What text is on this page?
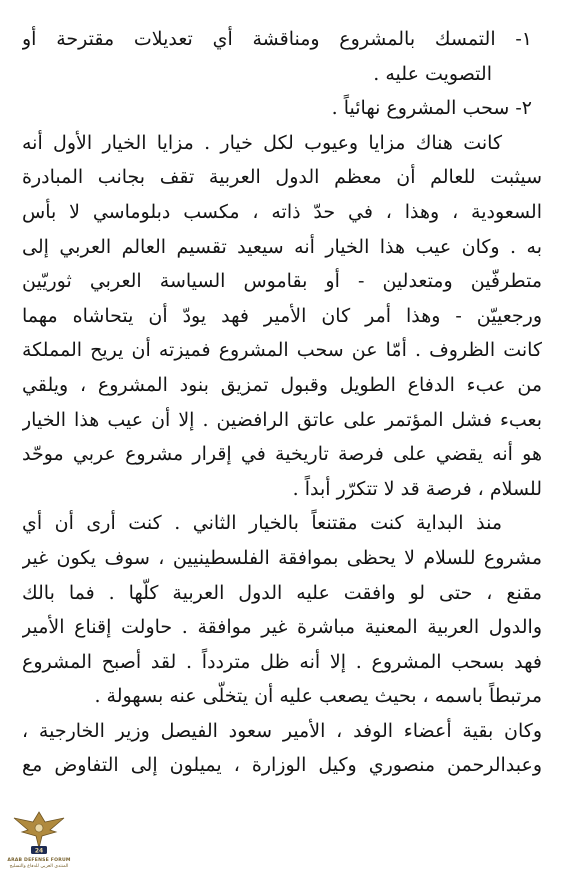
١- التمسك بالمشروع ومناقشة أي تعديلات مقترحة أو
التصويت عليه .
٢- سحب المشروع نهائياً .
كانت هناك مزايا وعيوب لكل خيار . مزايا الخيار الأول أنه
سيثبت للعالم أن معظم الدول العربية تقف بجانب المبادرة
السعودية ، وهذا ، في حدّ ذاته ، مكسب دبلوماسي لا بأس
به . وكان عيب هذا الخيار أنه سيعيد تقسيم العالم العربي إلى
متطرفّين ومتعدلين - أو بقاموس السياسة العربي ثوريّين
ورجعييّن - وهذا أمر كان الأمير فهد يودّ أن يتحاشاه مهما
كانت الظروف . أمّا عن سحب المشروع فميزته أن يريح المملكة
من عبء الدفاع الطويل وقبول تمزيق بنود المشروع ، ويلقي
بعبء فشل المؤتمر على عاتق الرافضين . إلا أن عيب هذا الخيار
هو أنه يقضي على فرصة تاريخية في إقرار مشروع عربي موحّد
للسلام ، فرصة قد لا تتكرّر أبداً .
منذ البداية كنت مقتنعاً بالخيار الثاني . كنت أرى أن أي
مشروع للسلام لا يحظى بموافقة الفلسطينيين ، سوف يكون غير
مقنع ، حتى لو وافقت عليه الدول العربية كلّها . فما بالك
والدول العربية المعنية مباشرة غير موافقة . حاولت إقناع الأمير
فهد بسحب المشروع . إلا أنه ظل متردداً . لقد أصبح المشروع
مرتبطاً باسمه ، بحيث يصعب عليه أن يتخلّى عنه بسهولة .
وكان بقية أعضاء الوفد ، الأمير سعود الفيصل وزير الخارجية ،
وعبدالرحمن منصوري وكيل الوزارة ، يميلون إلى التفاوض مع
24
ARAB DEFENSE FORUM
المنتدى العربي للدفاع والتسليح
